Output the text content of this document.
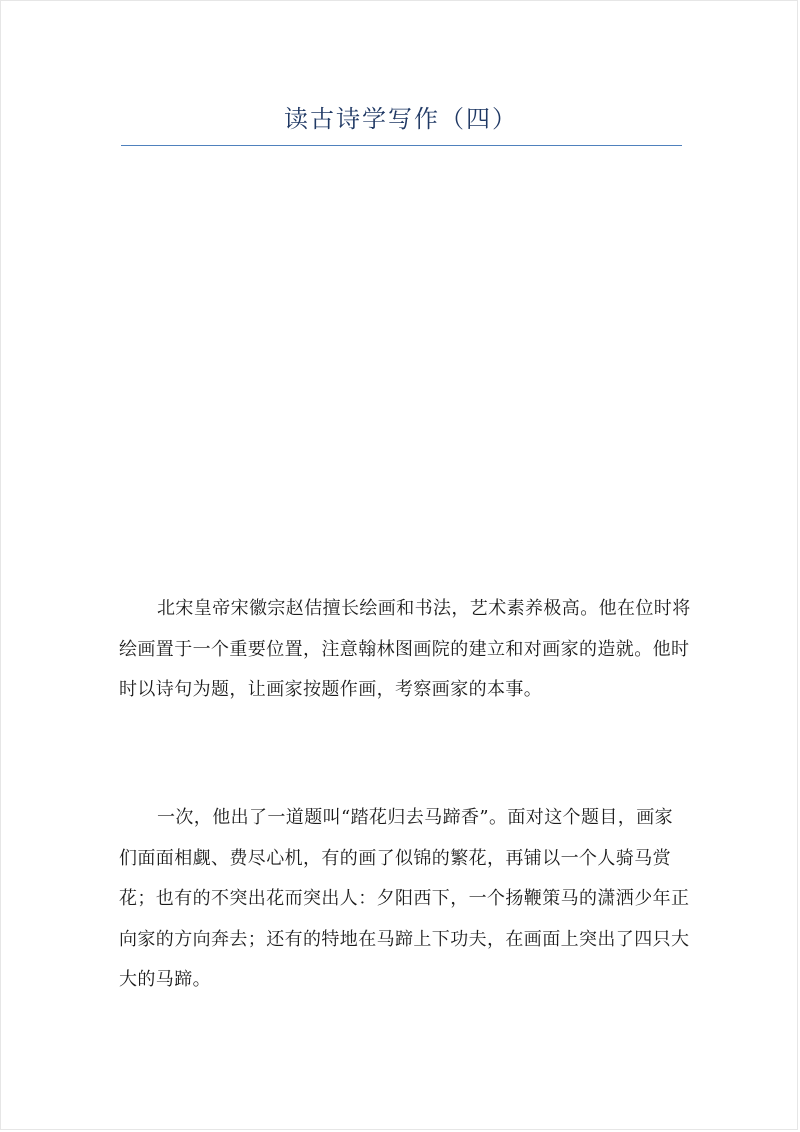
读古诗学写作（四）

北宋皇帝宋徽宗赵佶擅长绘画和书法，艺术素养极高。他在位时将绘画置于一个重要位置，注意翰林图画院的建立和对画家的造就。他时时以诗句为题，让画家按题作画，考察画家的本事。

一次，他出了一道题叫“踏花归去马蹄香”。面对这个题目，画家们面面相觑、费尽心机，有的画了似锦的繁花，再铺以一个人骑马赏花；也有的不突出花而突出人：夕阳西下，一个扬鞭策马的潇洒少年正向家的方向奔去；还有的特地在马蹄上下功夫，在画面上突出了四只大大的马蹄。
